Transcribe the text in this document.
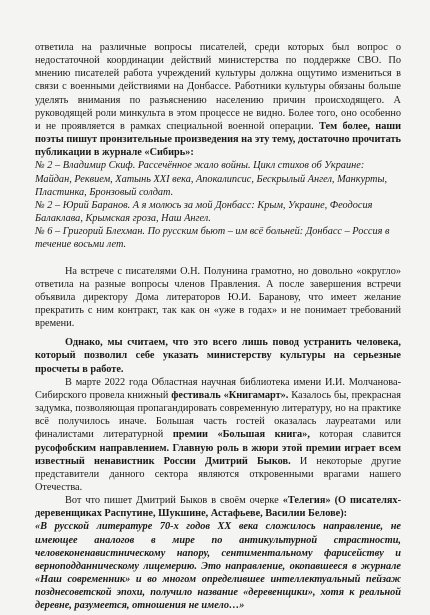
ответила на различные вопросы писателей, среди которых был вопрос о недостаточной координации действий министерства по поддержке СВО. По мнению писателей работа учреждений культуры должна ощутимо измениться в связи с военными действиями на Донбассе. Работники культуры обязаны больше уделять внимания по разъяснению населению причин происходящего. А руководящей роли минкульта в этом процессе не видно. Более того, оно особенно и не проявляется в рамках специальной военной операции. Тем более, наши поэты пишут пронзительные произведения на эту тему, достаточно прочитать публикации в журнале «Сибирь»:

№ 2 – Владимир Скиф. Рассечённое жало войны. Цикл стихов об Украине: Майдан, Реквием, Хатынь XXI века, Апокалипсис, Бескрылый Ангел, Манкурты, Пластинка, Бронзовый солдат.

№ 2 – Юрий Баранов. А я молюсь за мой Донбасс: Крым, Украине, Феодосия Балаклава, Крымская гроза, Наш Ангел.

№ 6 – Григорий Блехман. По русским бьют – им всё больней: Донбасс – Россия в течение восьми лет.

На встрече с писателями О.Н. Полунина грамотно, но довольно «округло» ответила на разные вопросы членов Правления. А после завершения встречи объявила директору Дома литераторов Ю.И. Баранову, что имеет желание прекратить с ним контракт, так как он «уже в годах» и не понимает требований времени.

Однако, мы считаем, что это всего лишь повод устранить человека, который позволил себе указать министерству культуры на серьезные просчеты в работе.

В марте 2022 года Областная научная библиотека имени И.И. Молчанова-Сибирского провела книжный фестиваль «Книгамарт». Казалось бы, прекрасная задумка, позволяющая пропагандировать современную литературу, но на практике всё получилось иначе. Большая часть гостей оказалась лауреатами или финалистами литературной премии «Большая книга», которая славится русофобским направлением. Главную роль в жюри этой премии играет всем известный ненавистник России Дмитрий Быков. И некоторые другие представители данного сектора являются откровенными врагами нашего Отечества.

Вот что пишет Дмитрий Быков в своём очерке «Телегия» (О писателях-деревенщиках Распутине, Шукшине, Астафьеве, Василии Белове):

«В русской литературе 70-х годов XX века сложилось направление, не имеющее аналогов в мире по антикультурной страстности, человеконенавистническому напору, сентиментальному фарисейству и верноподданническому лицемерию. Это направление, окопавшееся в журнале «Наш современник» и во многом определившее интеллектуальный пейзаж позднесоветской эпохи, получило название «деревенщики», хотя к реальной деревне, разумеется, отношения не имело…»
